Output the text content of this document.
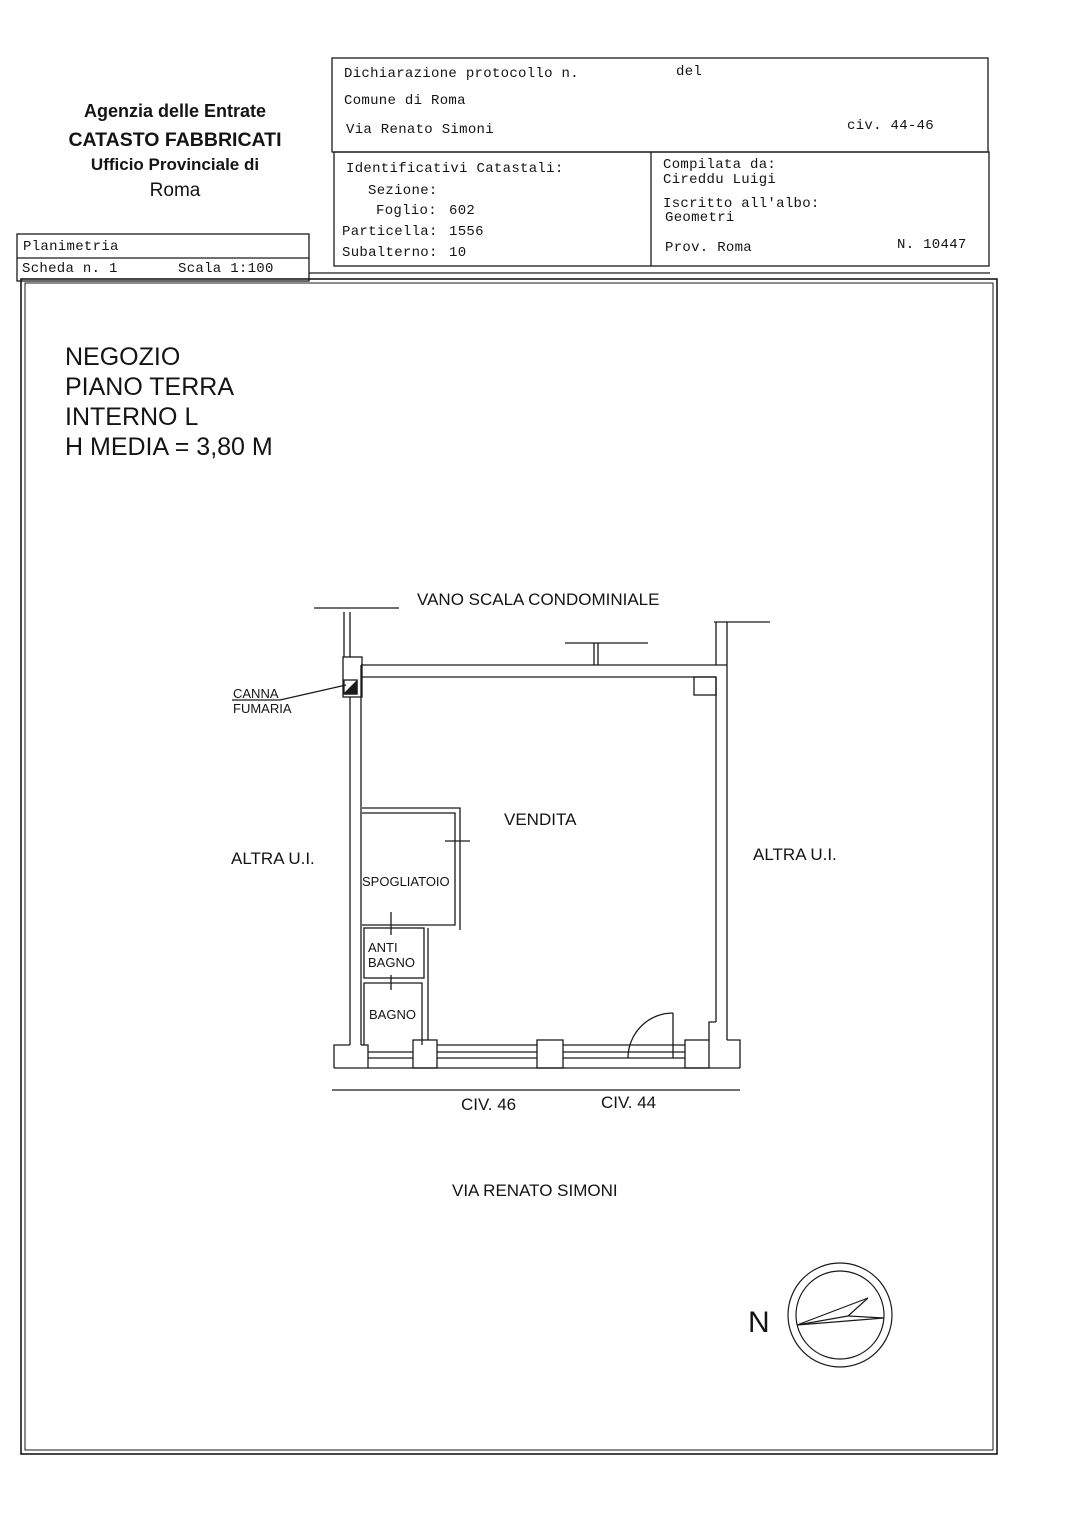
Agenzia delle Entrate
CATASTO FABBRICATI
Ufficio Provinciale di
Roma
Dichiarazione protocollo n.	del
Comune di Roma
Via Renato Simoni	civ. 44-46
Identificativi Catastali:
Sezione:
Foglio: 602
Particella: 1556
Subalterno: 10
Compilata da:
Cireddu Luigi
Iscritto all'albo:
Geometri
Prov. Roma	N. 10447
Planimetria
Scheda n. 1	Scala 1:100
NEGOZIO
PIANO TERRA
INTERNO L
H MEDIA = 3,80 M
VANO SCALA CONDOMINIALE
CANNA
FUMARIA
ALTRA U.I.	ALTRA U.I.
VENDITA
SPOGLIATOIO
ANTI
BAGNO
BAGNO
CIV. 46	CIV. 44
VIA RENATO SIMONI
N
